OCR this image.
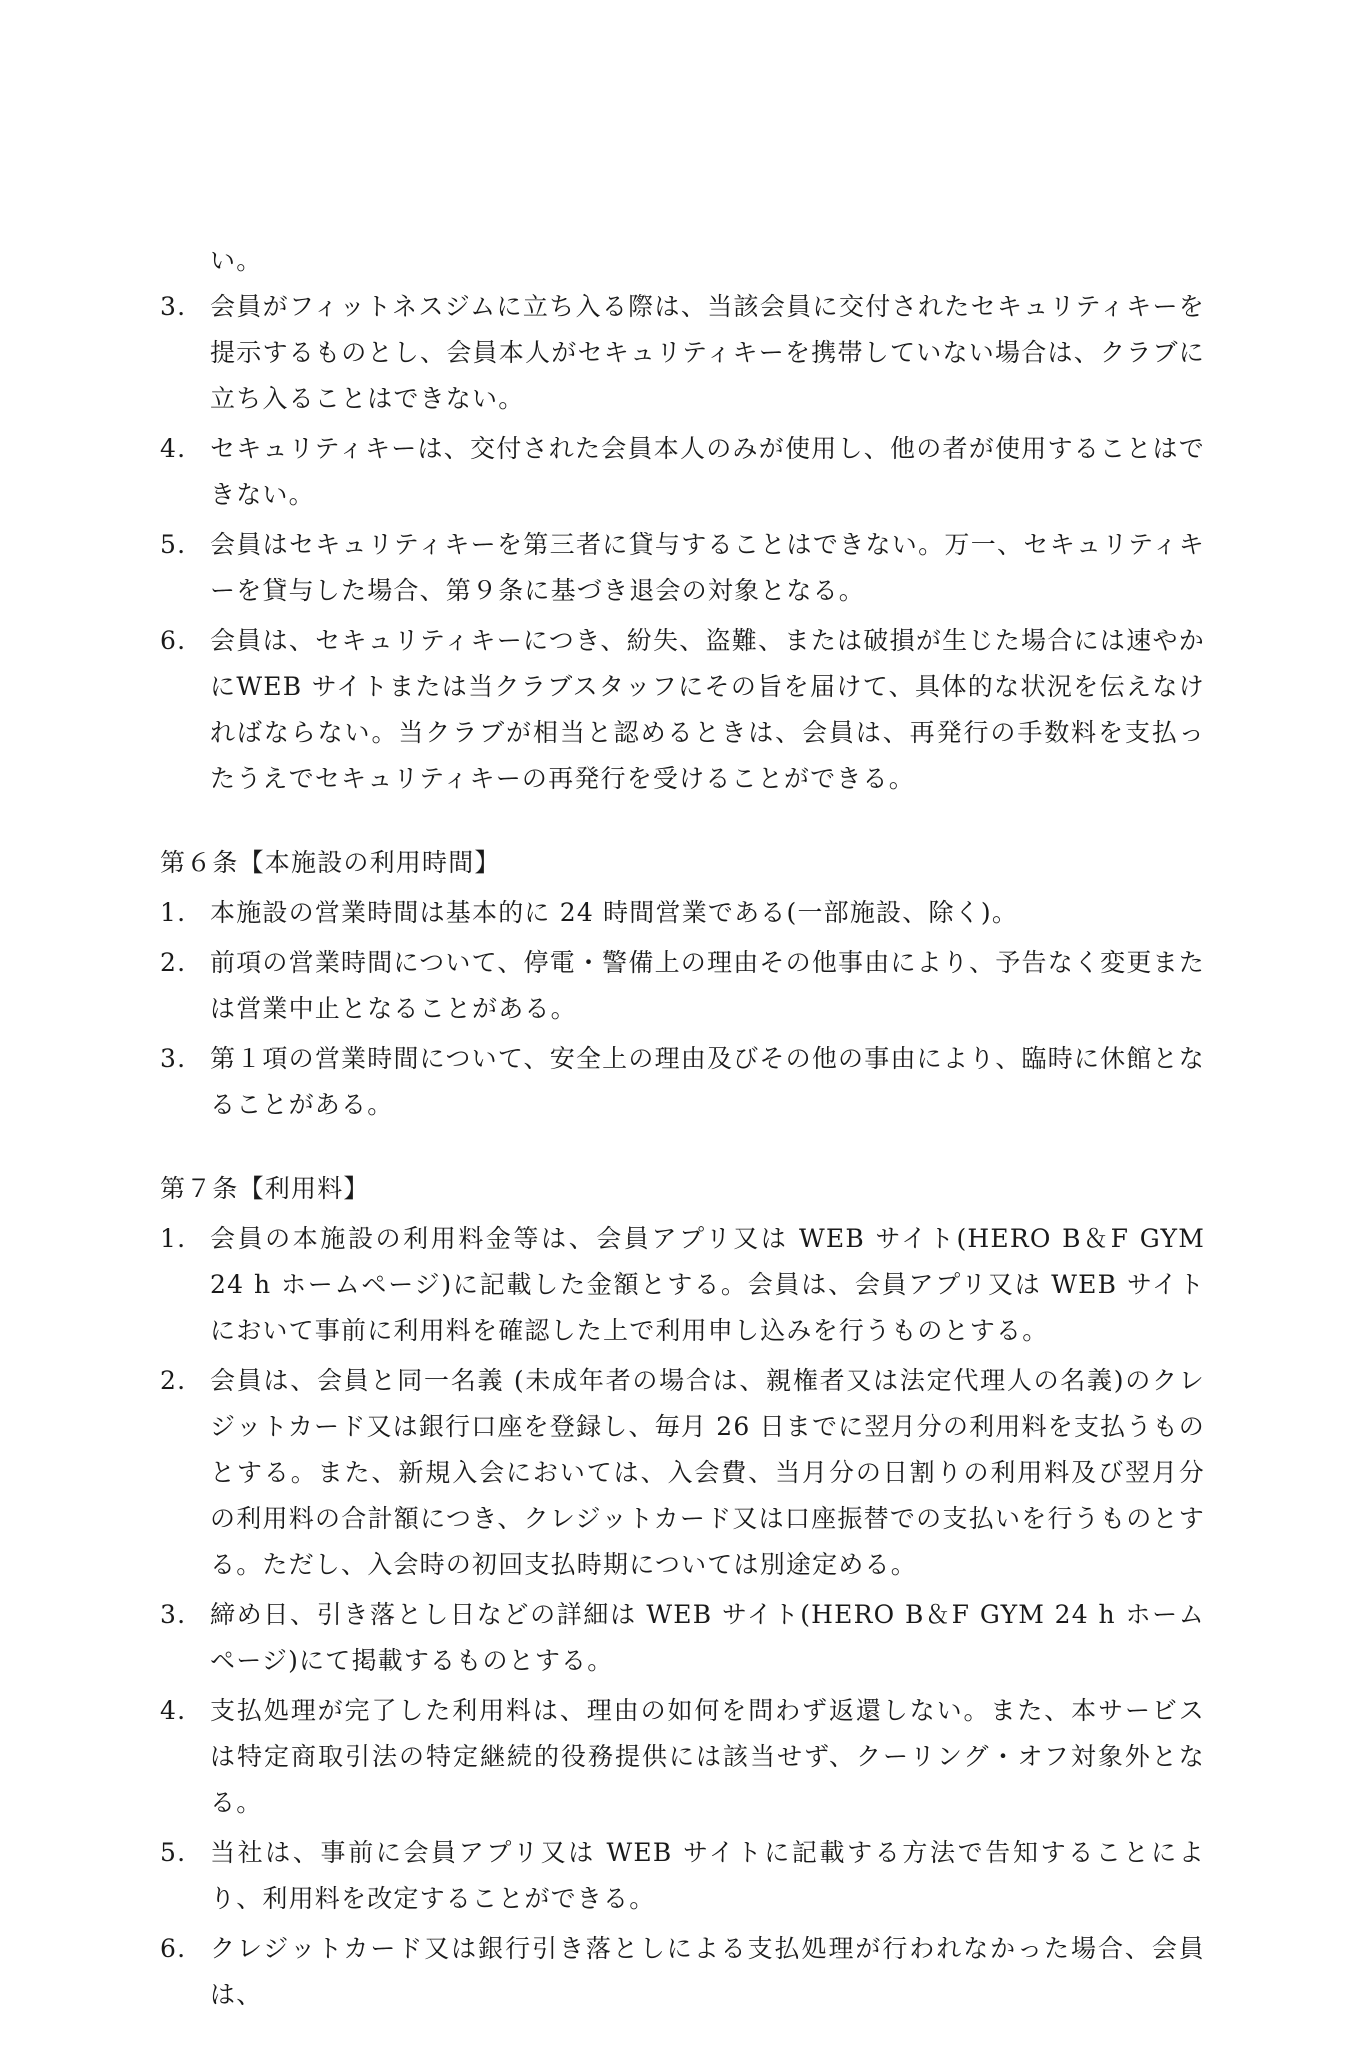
い。

3. 会員がフィットネスジムに立ち入る際は、当該会員に交付されたセキュリティキーを提示するものとし、会員本人がセキュリティキーを携帯していない場合は、クラブに立ち入ることはできない。
4. セキュリティキーは、交付された会員本人のみが使用し、他の者が使用することはできない。
5. 会員はセキュリティキーを第三者に貸与することはできない。万一、セキュリティキーを貸与した場合、第９条に基づき退会の対象となる。
6. 会員は、セキュリティキーにつき、紛失、盗難、または破損が生じた場合には速やかにWEB サイトまたは当クラブスタッフにその旨を届けて、具体的な状況を伝えなければならない。当クラブが相当と認めるときは、会員は、再発行の手数料を支払ったうえでセキュリティキーの再発行を受けることができる。
第６条【本施設の利用時間】
1. 本施設の営業時間は基本的に 24 時間営業である(一部施設、除く)。
2. 前項の営業時間について、停電・警備上の理由その他事由により、予告なく変更または営業中止となることがある。
3. 第１項の営業時間について、安全上の理由及びその他の事由により、臨時に休館となることがある。
第７条【利用料】
1. 会員の本施設の利用料金等は、会員アプリ又は WEB サイト(HERO B＆F GYM 24 h ホームページ)に記載した金額とする。会員は、会員アプリ又は WEB サイトにおいて事前に利用料を確認した上で利用申し込みを行うものとする。
2. 会員は、会員と同一名義 (未成年者の場合は、親権者又は法定代理人の名義)のクレジットカード又は銀行口座を登録し、毎月 26 日までに翌月分の利用料を支払うものとする。また、新規入会においては、入会費、当月分の日割りの利用料及び翌月分の利用料の合計額につき、クレジットカード又は口座振替での支払いを行うものとする。ただし、入会時の初回支払時期については別途定める。
3. 締め日、引き落とし日などの詳細は WEB サイト(HERO B＆F GYM 24 h ホームページ)にて掲載するものとする。
4. 支払処理が完了した利用料は、理由の如何を問わず返還しない。また、本サービスは特定商取引法の特定継続的役務提供には該当せず、クーリング・オフ対象外となる。
5. 当社は、事前に会員アプリ又は WEB サイトに記載する方法で告知することにより、利用料を改定することができる。
6. クレジットカード又は銀行引き落としによる支払処理が行われなかった場合、会員は、
